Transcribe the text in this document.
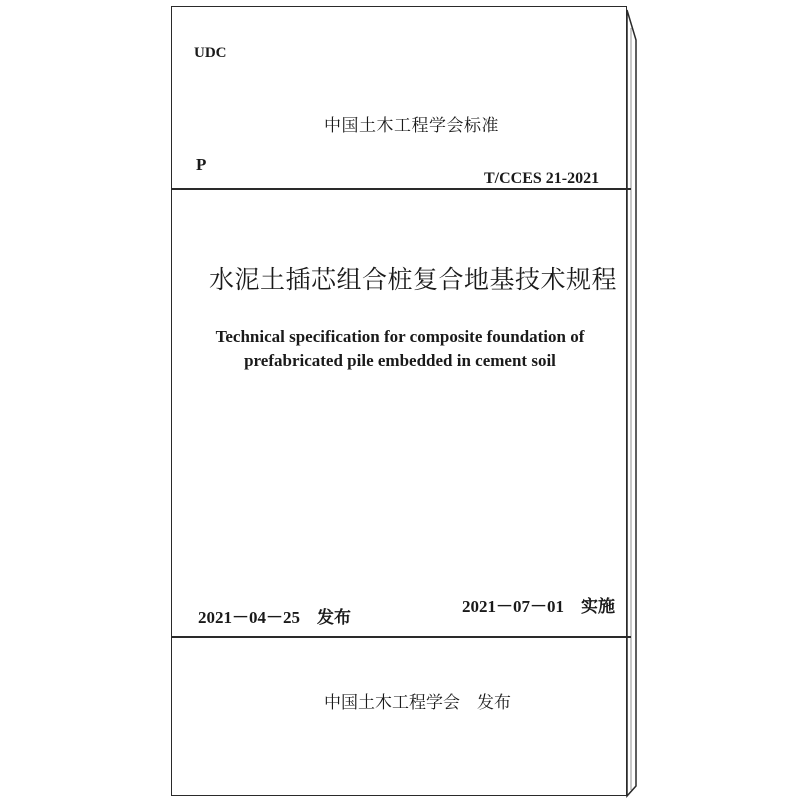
UDC

中国土木工程学会标准

P

T/CCES 21-2021

水泥土插芯组合桩复合地基技术规程

Technical specification for composite foundation of
prefabricated pile embedded in cement soil

2021－04－25　发布

2021－07－01　实施

中国土木工程学会　发布
